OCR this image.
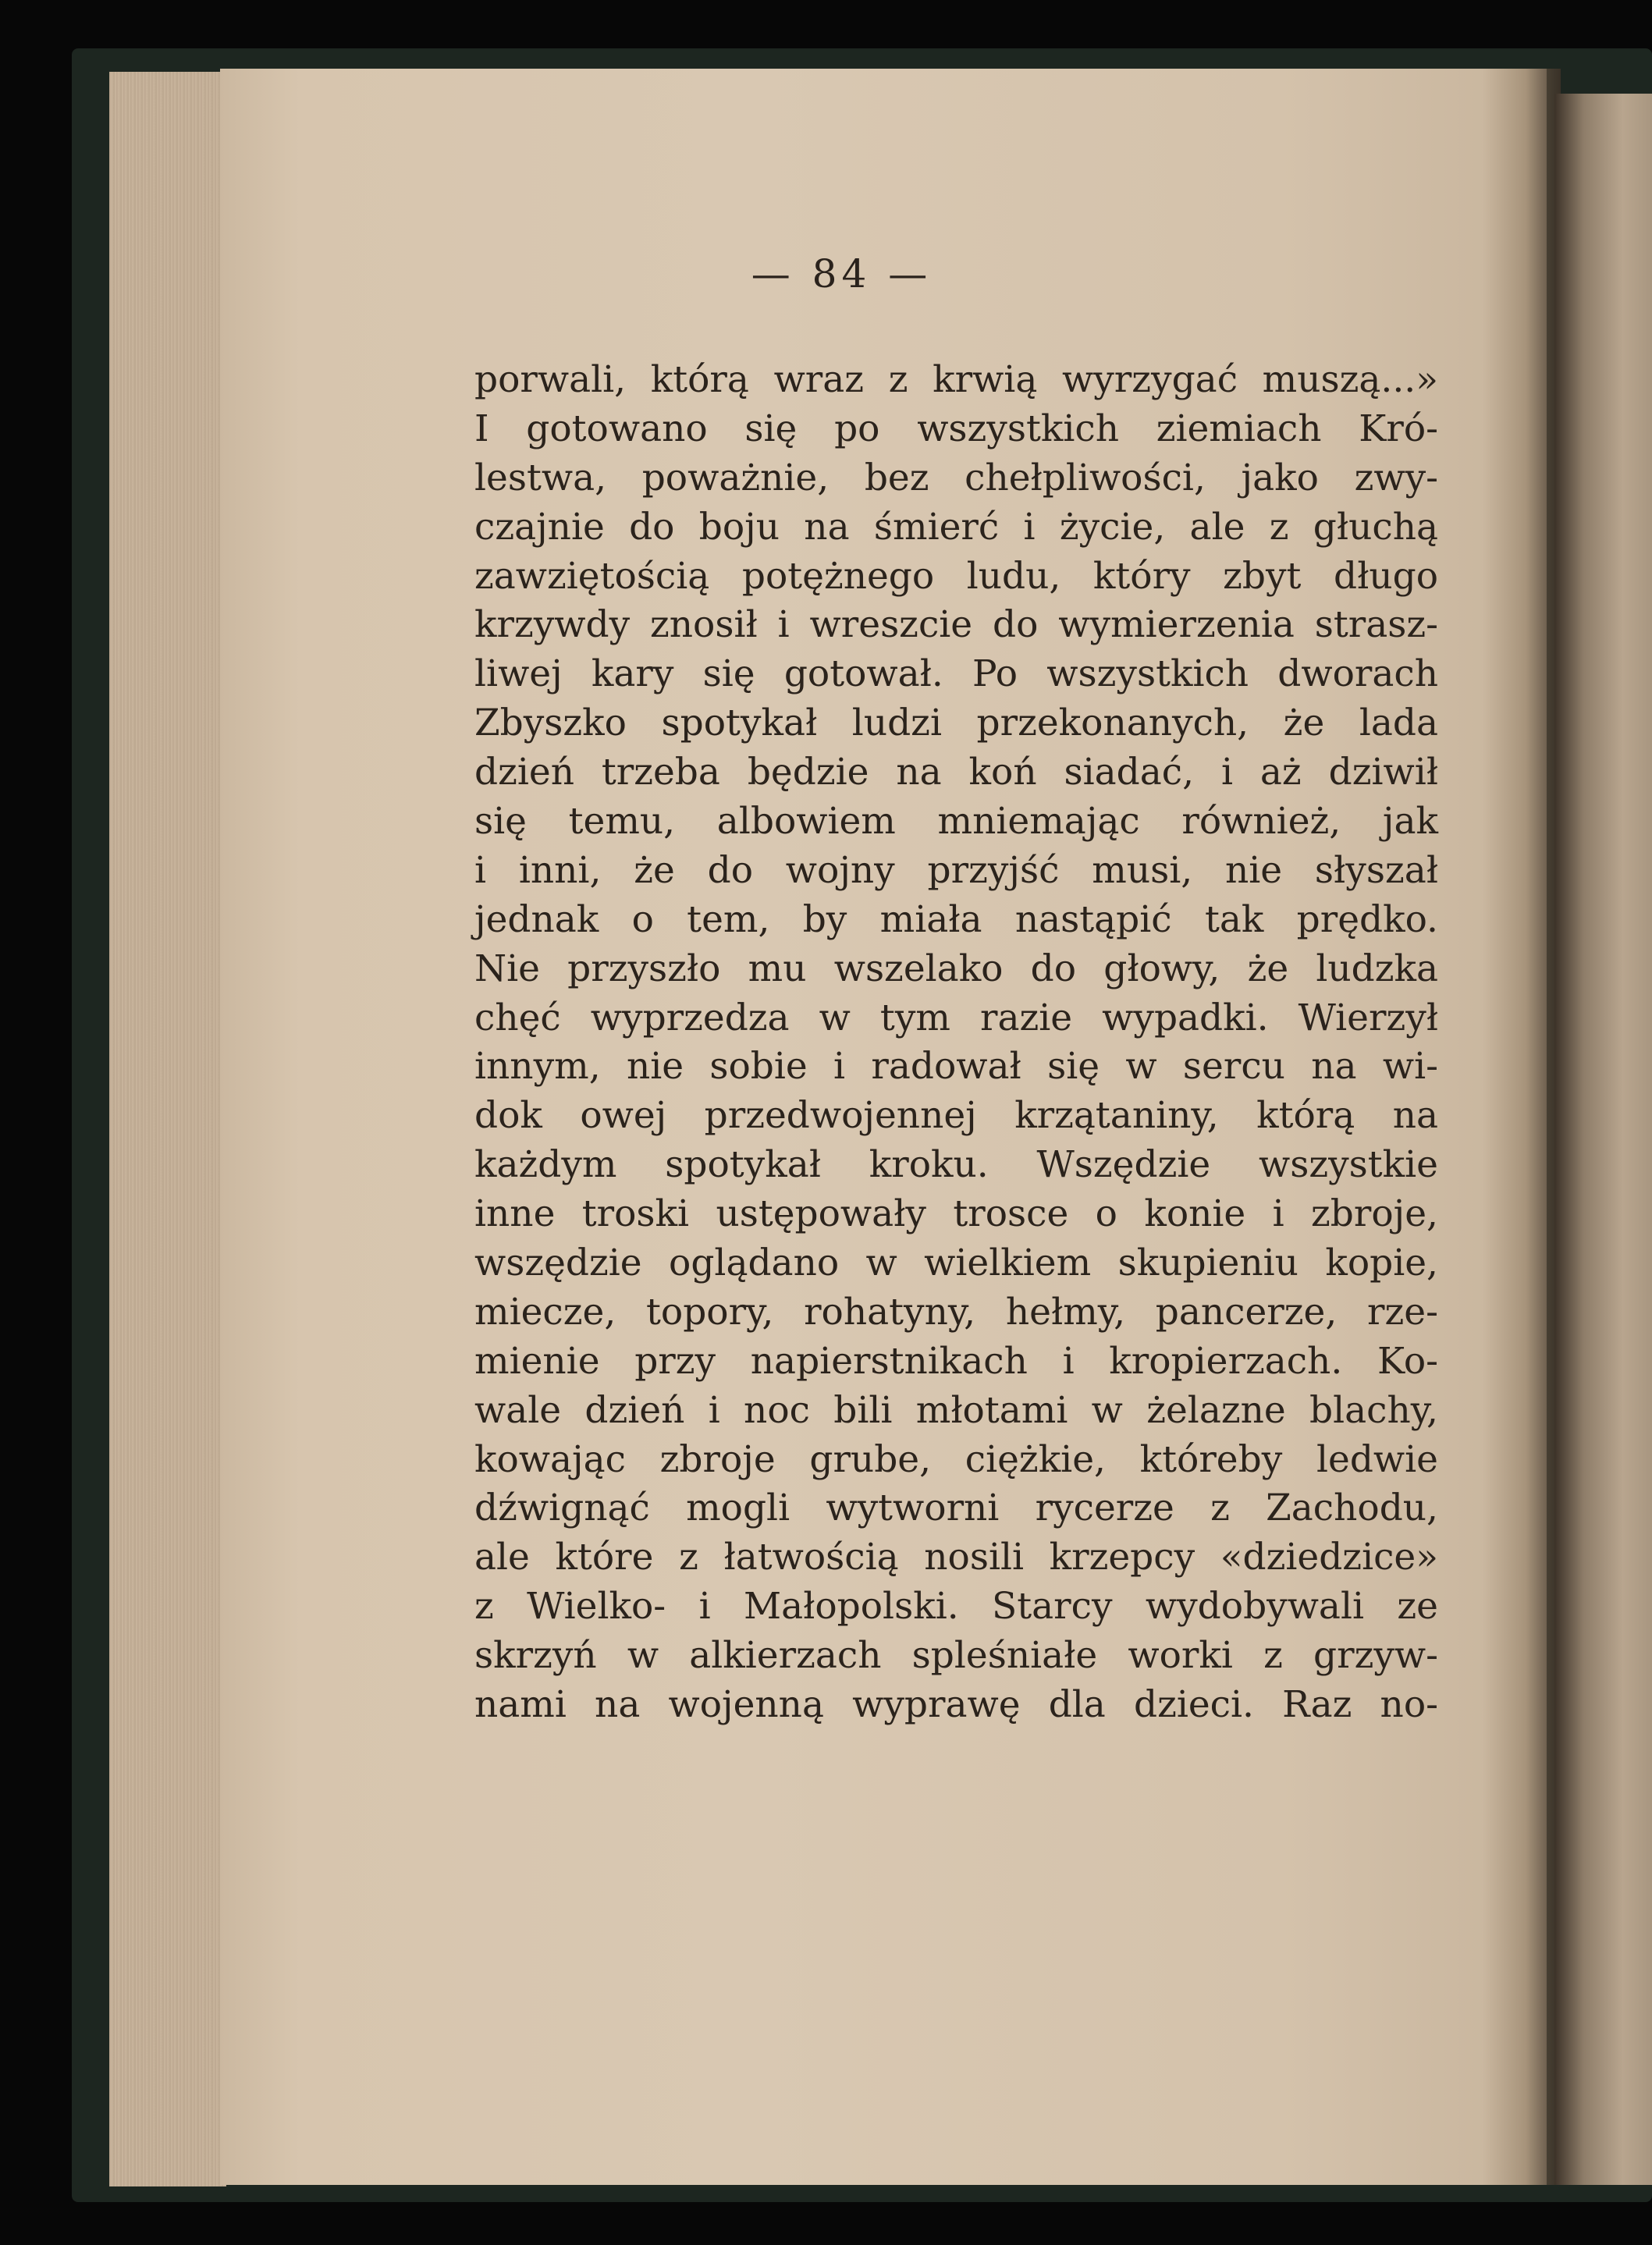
— 84 —
porwali, którą wraz z krwią wyrzygać muszą...»
I gotowano się po wszystkich ziemiach Kró-
lestwa, poważnie, bez chełpliwości, jako zwy-
czajnie do boju na śmierć i życie, ale z głuchą
zawziętością potężnego ludu, który zbyt długo
krzywdy znosił i wreszcie do wymierzenia strasz-
liwej kary się gotował. Po wszystkich dworach
Zbyszko spotykał ludzi przekonanych, że lada
dzień trzeba będzie na koń siadać, i aż dziwił
się temu, albowiem mniemając również, jak
i inni, że do wojny przyjść musi, nie słyszał
jednak o tem, by miała nastąpić tak prędko.
Nie przyszło mu wszelako do głowy, że ludzka
chęć wyprzedza w tym razie wypadki. Wierzył
innym, nie sobie i radował się w sercu na wi-
dok owej przedwojennej krzątaniny, którą na
każdym spotykał kroku. Wszędzie wszystkie
inne troski ustępowały trosce o konie i zbroje,
wszędzie oglądano w wielkiem skupieniu kopie,
miecze, topory, rohatyny, hełmy, pancerze, rze-
mienie przy napierstnikach i kropierzach. Ko-
wale dzień i noc bili młotami w żelazne blachy,
kowając zbroje grube, ciężkie, któreby ledwie
dźwignąć mogli wytworni rycerze z Zachodu,
ale które z łatwością nosili krzepcy «dziedzice»
z Wielko- i Małopolski. Starcy wydobywali ze
skrzyń w alkierzach spleśniałe worki z grzyw-
nami na wojenną wyprawę dla dzieci. Raz no-
